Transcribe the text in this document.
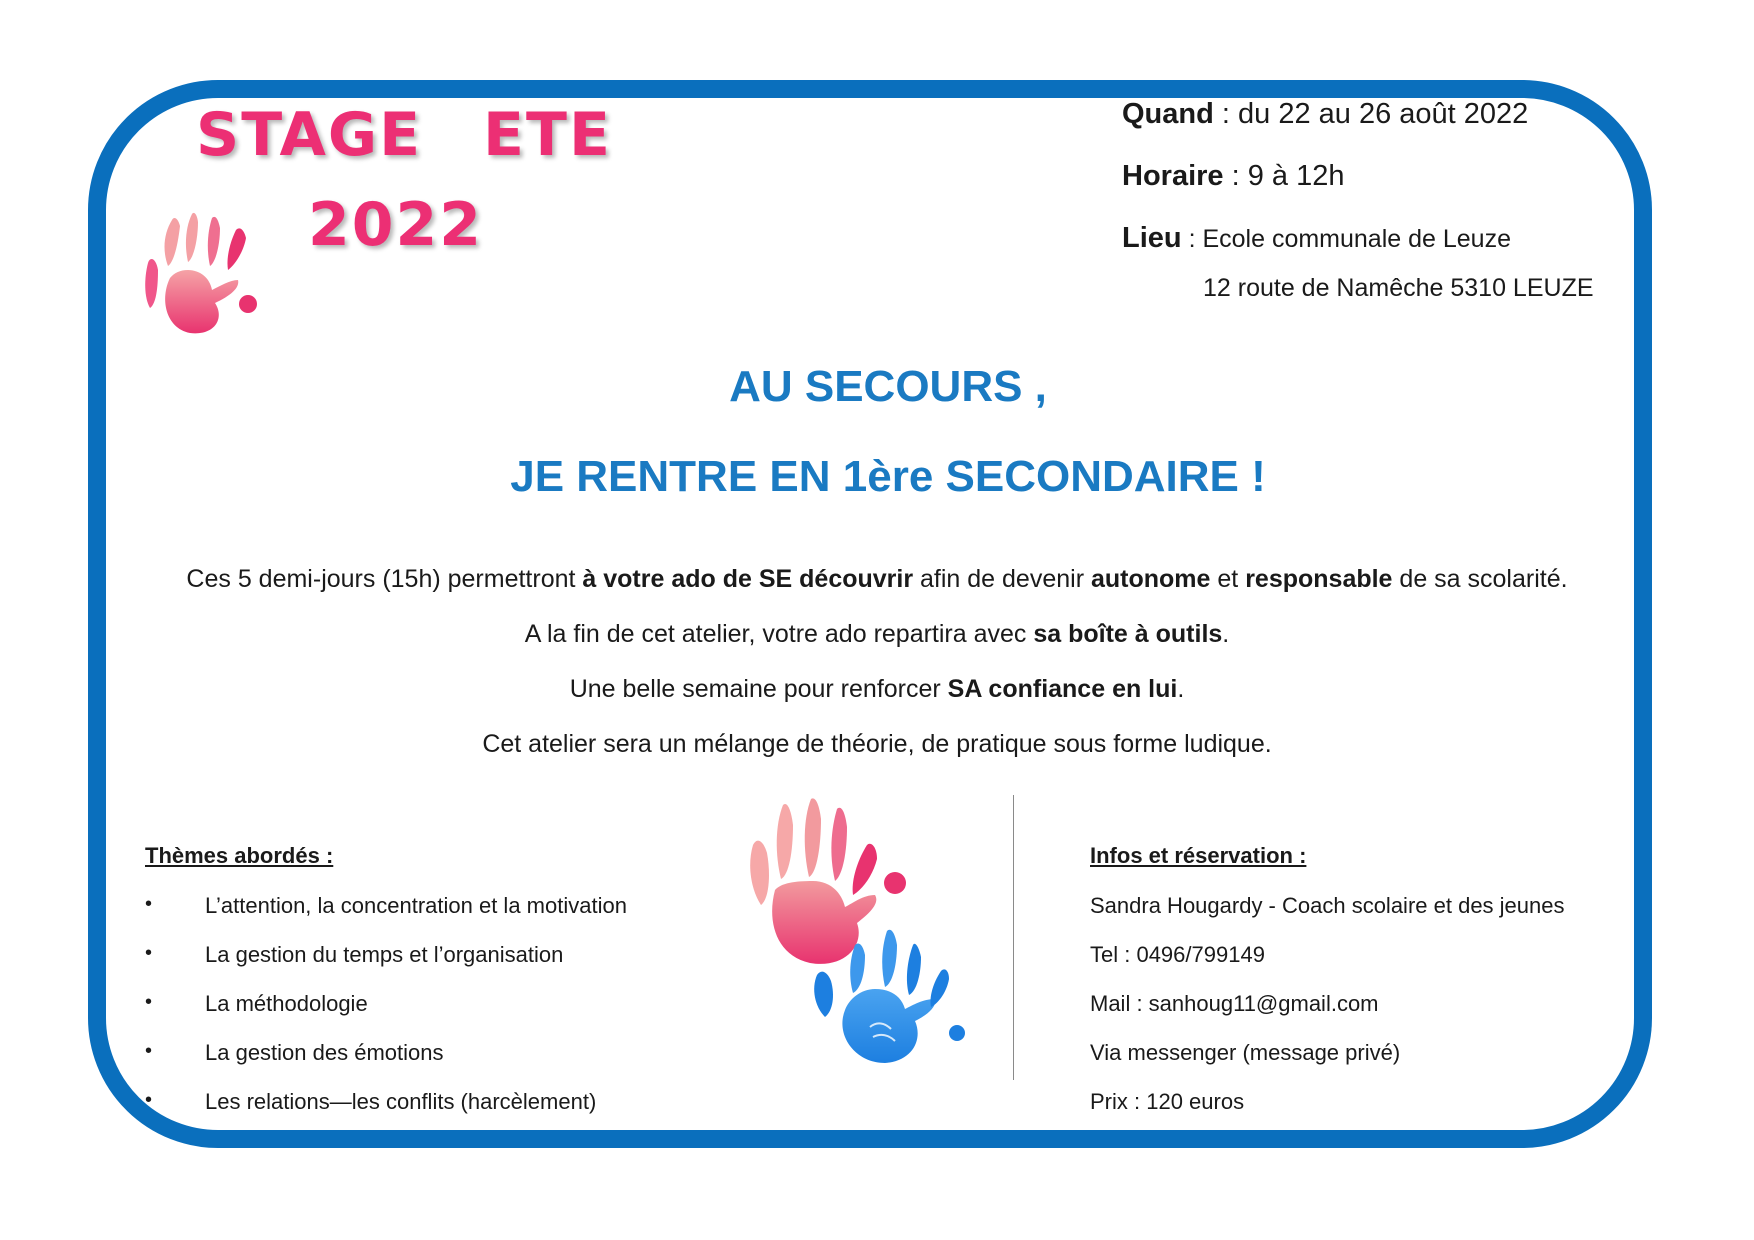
STAGE ETE
2022
Quand : du 22 au 26 août 2022
Horaire : 9 à 12h
Lieu : Ecole communale de Leuze
12 route de Namêche 5310 LEUZE
AU SECOURS ,
JE RENTRE EN 1ère SECONDAIRE !
Ces 5 demi-jours (15h) permettront à votre ado de SE découvrir afin de devenir autonome et responsable de sa scolarité.
A la fin de cet atelier, votre ado repartira avec sa boîte à outils.
Une belle semaine pour renforcer SA confiance en lui.
Cet atelier sera un mélange de théorie, de pratique sous forme ludique.
Thèmes abordés :
• L’attention, la concentration et la motivation
• La gestion du temps et l’organisation
• La méthodologie
• La gestion des émotions
• Les relations—les conflits (harcèlement)
Infos et réservation :
Sandra Hougardy - Coach scolaire et des jeunes
Tel : 0496/799149
Mail : sanhoug11@gmail.com
Via messenger (message privé)
Prix : 120 euros
